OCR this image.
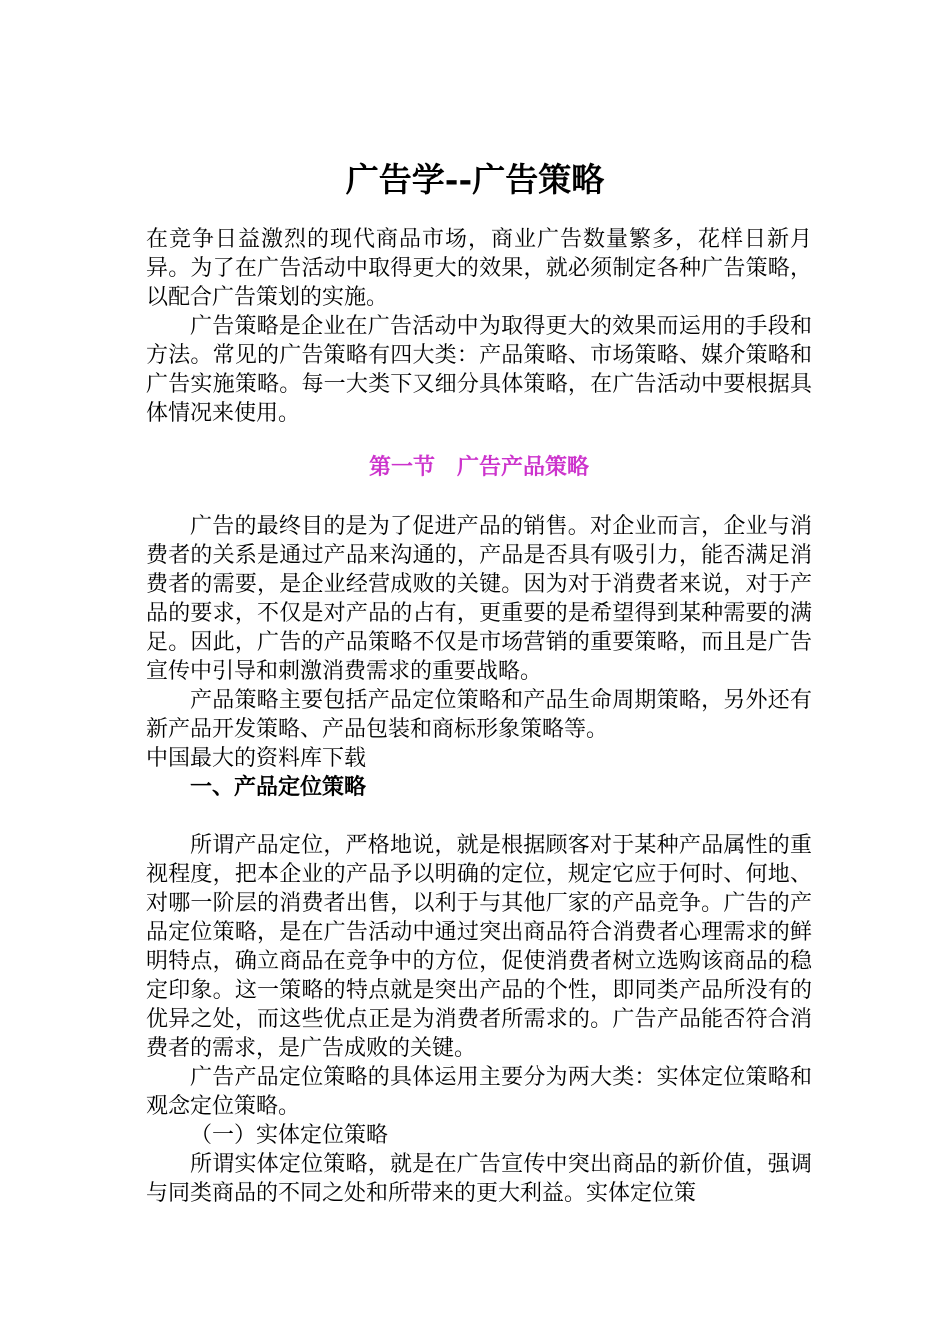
广告学--广告策略

在竞争日益激烈的现代商品市场，商业广告数量繁多，花样日新月异。为了在广告活动中取得更大的效果，就必须制定各种广告策略，以配合广告策划的实施。

广告策略是企业在广告活动中为取得更大的效果而运用的手段和方法。常见的广告策略有四大类：产品策略、市场策略、媒介策略和广告实施策略。每一大类下又细分具体策略，在广告活动中要根据具体情况来使用。

第一节　广告产品策略

广告的最终目的是为了促进产品的销售。对企业而言，企业与消费者的关系是通过产品来沟通的，产品是否具有吸引力，能否满足消费者的需要，是企业经营成败的关键。因为对于消费者来说，对于产品的要求，不仅是对产品的占有，更重要的是希望得到某种需要的满足。因此，广告的产品策略不仅是市场营销的重要策略，而且是广告宣传中引导和刺激消费需求的重要战略。

产品策略主要包括产品定位策略和产品生命周期策略，另外还有新产品开发策略、产品包装和商标形象策略等。

中国最大的资料库下载

一、产品定位策略

所谓产品定位，严格地说，就是根据顾客对于某种产品属性的重视程度，把本企业的产品予以明确的定位，规定它应于何时、何地、对哪一阶层的消费者出售，以利于与其他厂家的产品竞争。广告的产品定位策略，是在广告活动中通过突出商品符合消费者心理需求的鲜明特点，确立商品在竞争中的方位，促使消费者树立选购该商品的稳定印象。这一策略的特点就是突出产品的个性，即同类产品所没有的优异之处，而这些优点正是为消费者所需求的。广告产品能否符合消费者的需求，是广告成败的关键。

广告产品定位策略的具体运用主要分为两大类：实体定位策略和观念定位策略。

（一）实体定位策略

所谓实体定位策略，就是在广告宣传中突出商品的新价值，强调与同类商品的不同之处和所带来的更大利益。实体定位策
